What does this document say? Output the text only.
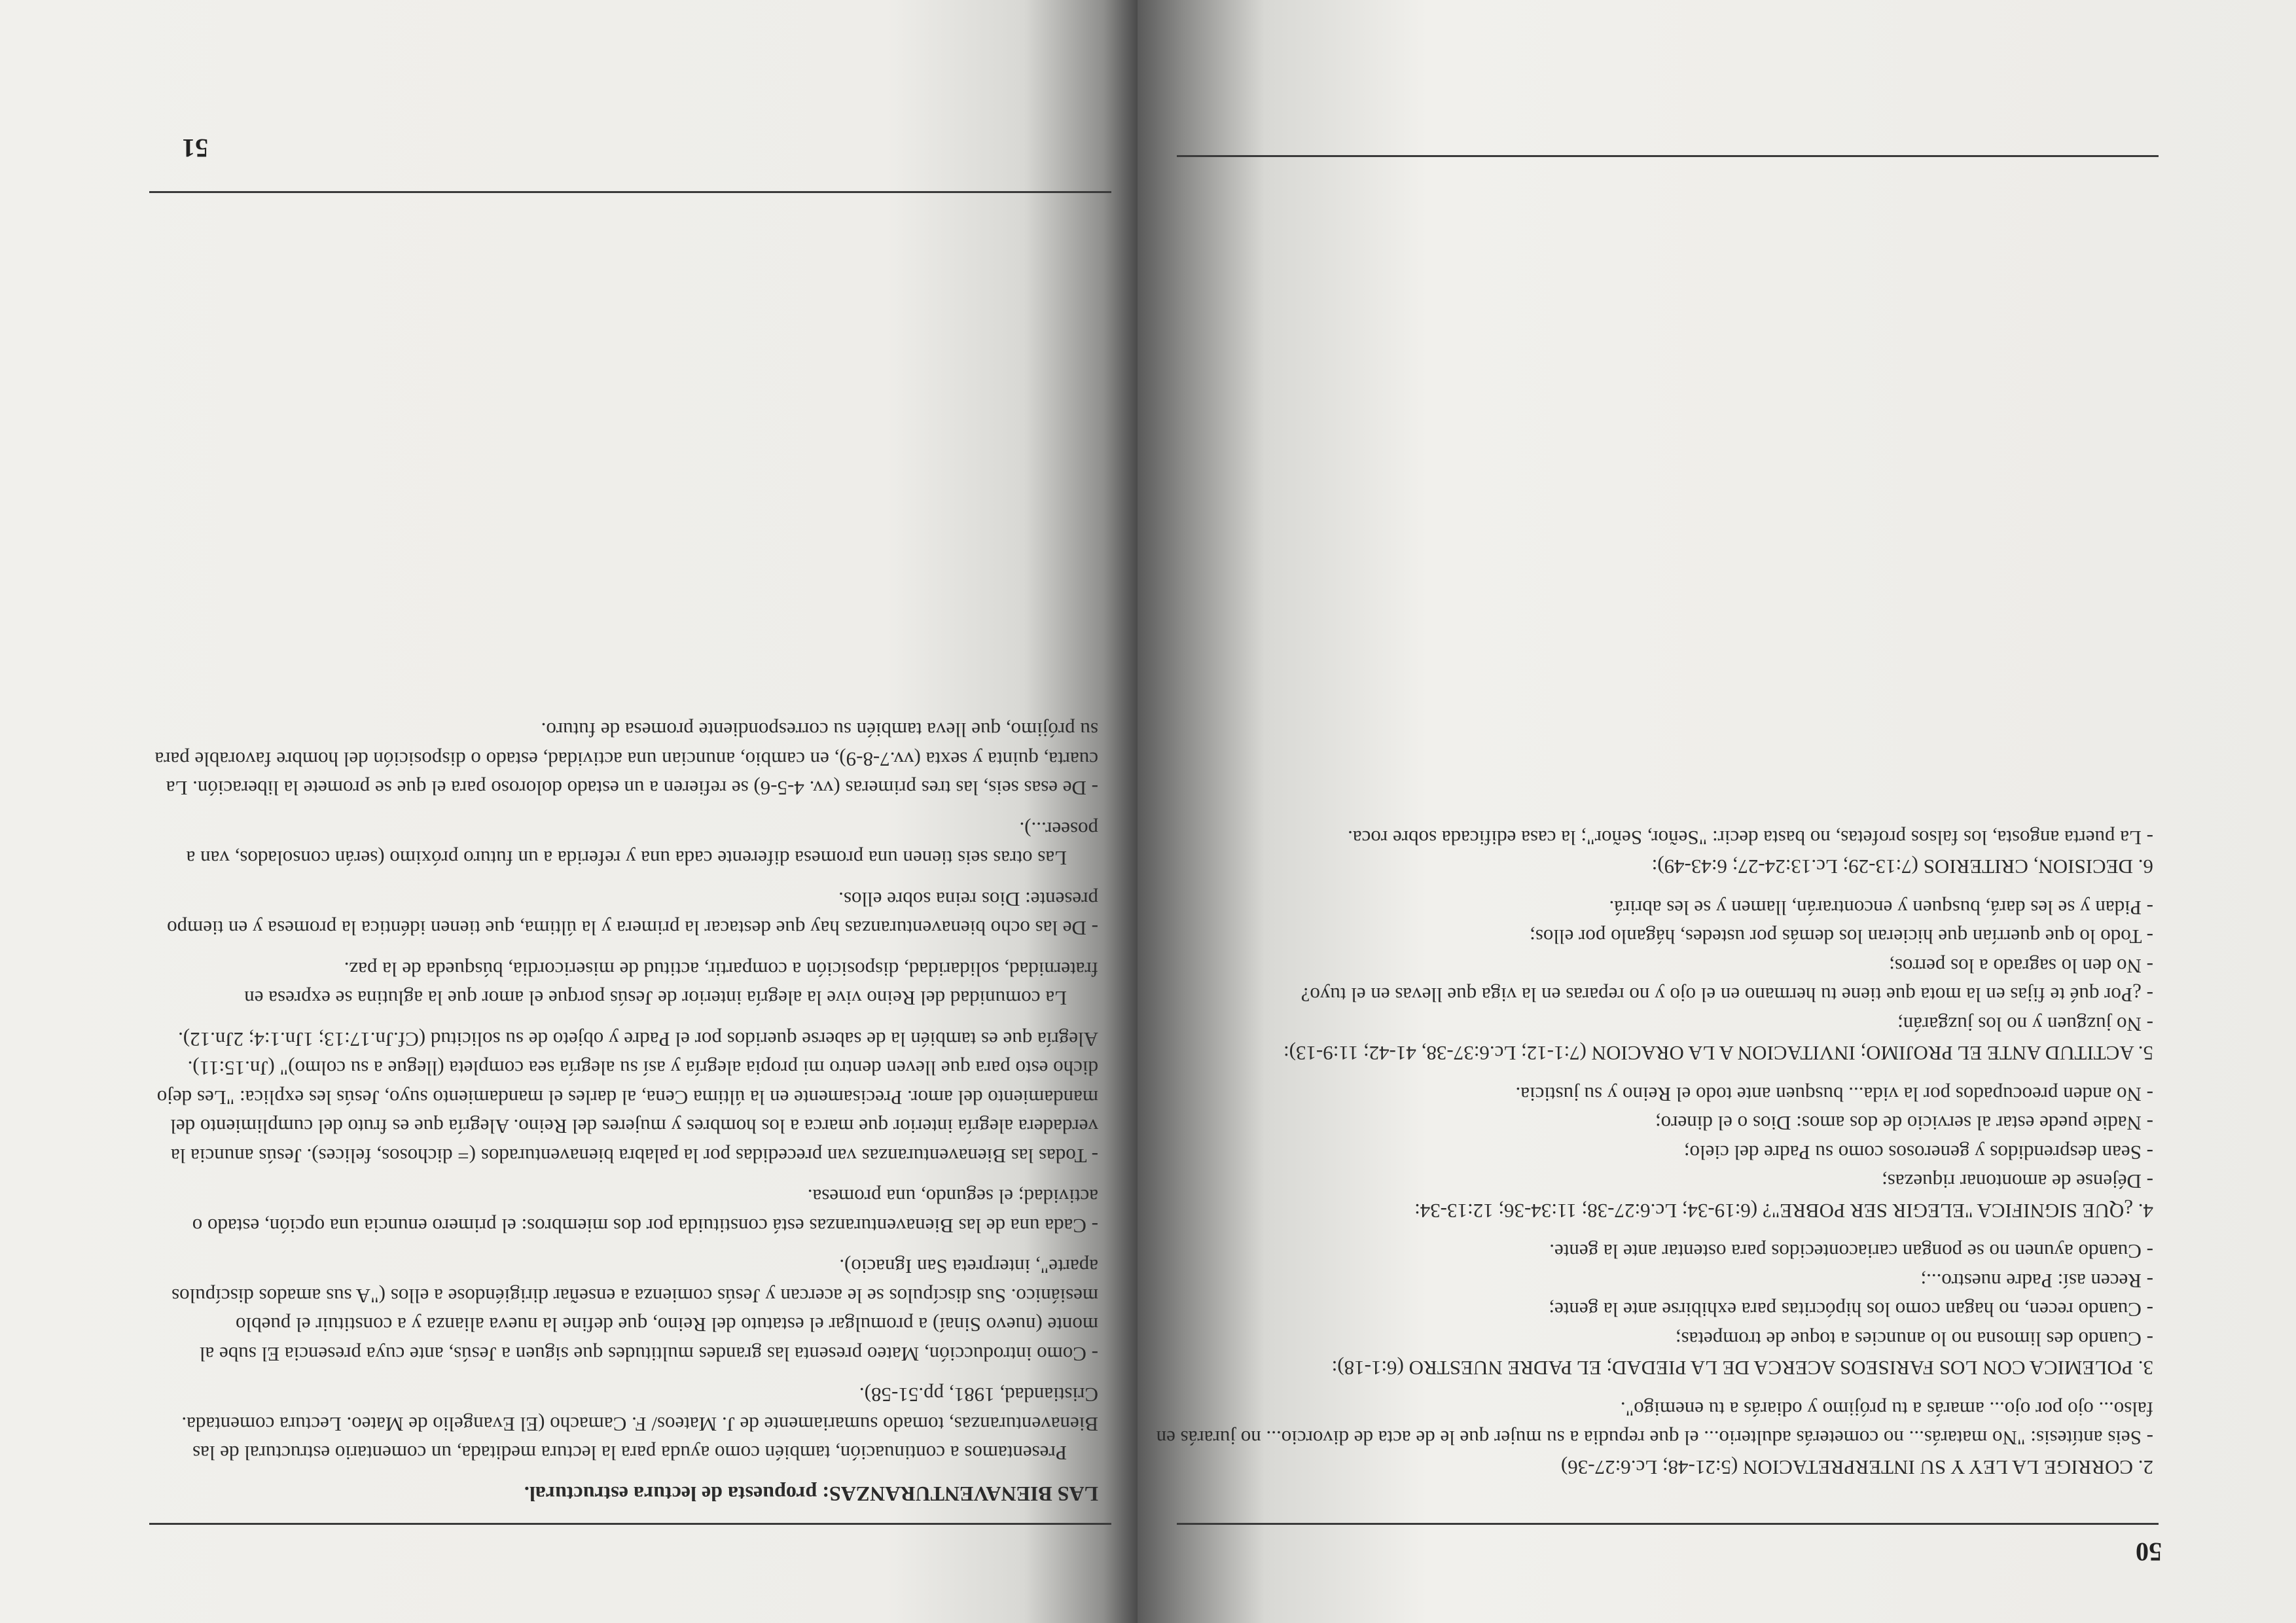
50

2. CORRIGE LA LEY Y SU INTERPRETACION (5:21-48; Lc.6:27-36)

- Seis antítesis: "No matarás... no cometerás adulterio... el que repudia a su mujer que le de acta de divorcio... no jurarás en falso... ojo por ojo... amarás a tu prójimo y odiarás a tu enemigo".

3. POLEMICA CON LOS FARISEOS ACERCA DE LA PIEDAD; EL PADRE NUESTRO (6:1-18):

- Cuando des limosna no lo anuncies a toque de trompetas;

- Cuando recen, no hagan como los hipócritas para exhibirse ante la gente;

- Recen así: Padre nuestro...;

- Cuando ayunen no se pongan cariacontecidos para ostentar ante la gente.

4. ¿QUE SIGNIFICA "ELEGIR SER POBRE"? (6:19-34; Lc.6:27-38; 11:34-36; 12:13-34:

- Déjense de amontonar riquezas;

- Sean desprendidos y generosos como su Padre del cielo;

- Nadie puede estar al servicio de dos amos: Dios o el dinero;

- No anden preocupados por la vida... busquen ante todo el Reino y su justicia.

5. ACTITUD ANTE EL PROJIMO; INVITACION A LA ORACION (7:1-12; Lc.6:37-38, 41-42; 11:9-13):

- No juzguen y no los juzgarán;

- ¿Por qué te fijas en la mota que tiene tu hermano en el ojo y no reparas en la viga que llevas en el tuyo?

- No den lo sagrado a los perros;

- Todo lo que querrían que hicieran los demás por ustedes, háganlo por ellos;

- Pidan y se les dará, busquen y encontrarán, llamen y se les abrirá.

6. DECISION, CRITERIOS (7:13-29; Lc.13:24-27; 6:43-49):

- La puerta angosta, los falsos profetas, no basta decir: "Señor, Señor"; la casa edificada sobre roca.

LAS BIENAVENTURANZAS: propuesta de lectura estructural.

Presentamos a continuación, también como ayuda para la lectura meditada, un comentario estructural de las Bienaventuranzas, tomado sumariamente de J. Mateos/ F. Camacho (El Evangelio de Mateo. Lectura comentada. Cristiandad, 1981, pp.51-58).

- Como introducción, Mateo presenta las grandes multitudes que siguen a Jesús, ante cuya presencia El sube al monte (nuevo Sinaí) a promulgar el estatuto del Reino, que define la nueva alianza y a constituir el pueblo mesiánico. Sus discípulos se le acercan y Jesús comienza a enseñar dirigiéndose a ellos ("A sus amados discípulos aparte", interpreta San Ignacio).

- Cada una de las Bienaventuranzas está constituida por dos miembros: el primero enuncia una opción, estado o actividad; el segundo, una promesa.

- Todas las Bienaventuranzas van precedidas por la palabra bienaventurados (= dichosos, felices). Jesús anuncia la verdadera alegría interior que marca a los hombres y mujeres del Reino. Alegría que es fruto del cumplimiento del mandamiento del amor. Precisamente en la última Cena, al darles el mandamiento suyo, Jesús les explica: "Les dejo dicho esto para que lleven dentro mi propia alegría y así su alegría sea completa (llegue a su colmo)" (Jn.15:11). Alegría que es también la de saberse queridos por el Padre y objeto de su solicitud (Cf.Jn.17:13; 1Jn.1:4; 2Jn.12).

La comunidad del Reino vive la alegría interior de Jesús porque el amor que la aglutina se expresa en fraternidad, solidaridad, disposición a compartir, actitud de misericordia, búsqueda de la paz.

- De las ocho bienaventuranzas hay que destacar la primera y la última, que tienen idéntica la promesa y en tiempo presente: Dios reina sobre ellos.

Las otras seis tienen una promesa diferente cada una y referida a un futuro próximo (serán consolados, van a poseer...).

- De esas seis, las tres primeras (vv. 4-5-6) se refieren a un estado doloroso para el que se promete la liberación. La cuarta, quinta y sexta (vv.7-8-9), en cambio, anuncian una actividad, estado o disposición del hombre favorable para su prójimo, que lleva también su correspondiente promesa de futuro.

51
